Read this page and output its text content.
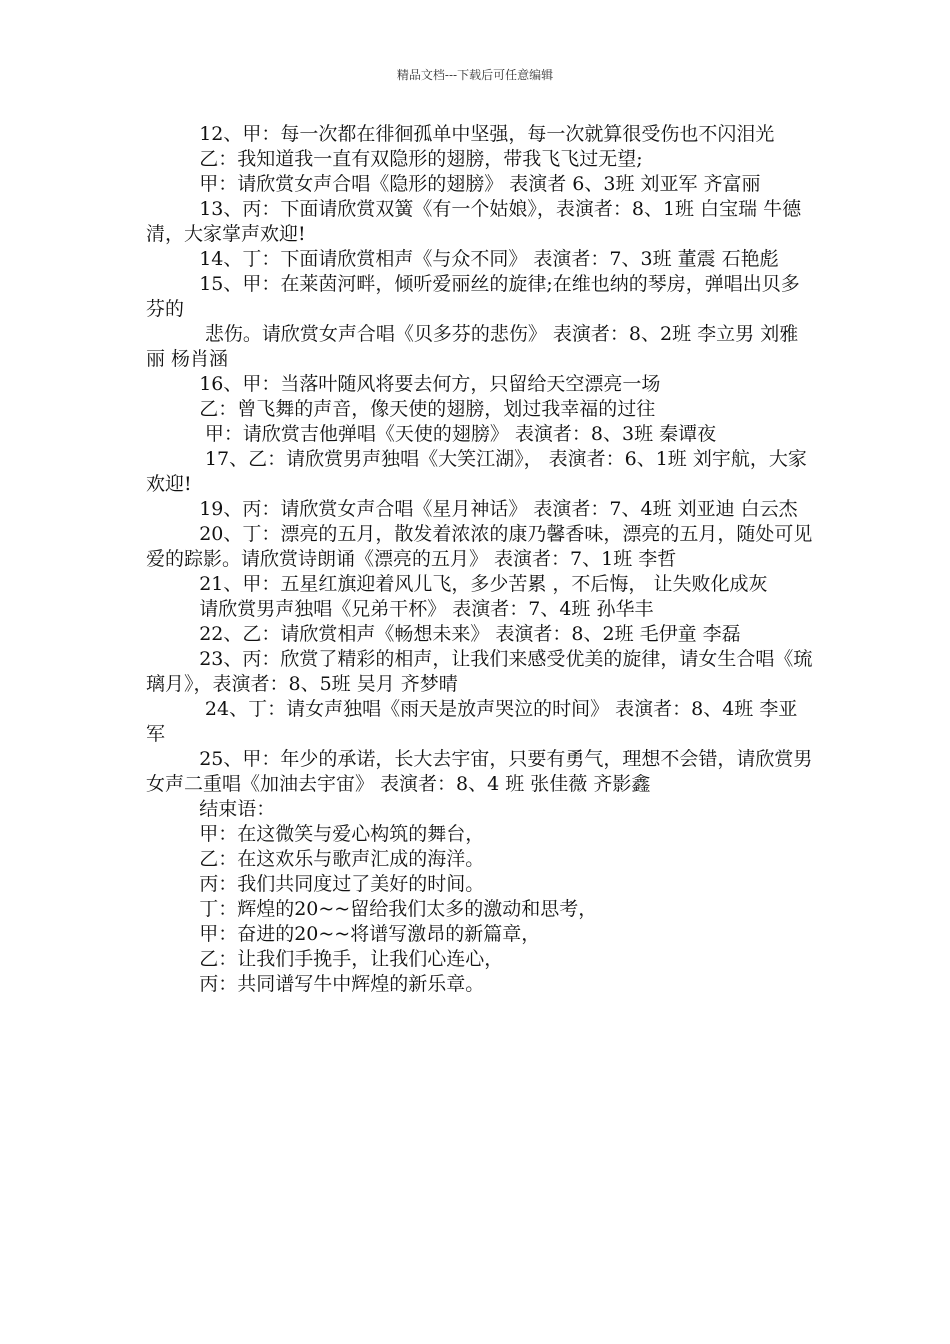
精品文档---下载后可任意编辑

12、甲：每一次都在徘徊孤单中坚强，每一次就算很受伤也不闪泪光

乙：我知道我一直有双隐形的翅膀，带我飞飞过无望;

甲：请欣赏女声合唱《隐形的翅膀》 表演者 6、3班 刘亚军 齐富丽

13、丙：下面请欣赏双簧《有一个姑娘》，表演者：8、1班 白宝瑞 牛德清，大家掌声欢迎!

14、丁：下面请欣赏相声《与众不同》 表演者：7、3班 董震 石艳彪

15、甲：在莱茵河畔，倾听爱丽丝的旋律;在维也纳的琴房，弹唱出贝多芬的

悲伤。请欣赏女声合唱《贝多芬的悲伤》 表演者：8、2班 李立男 刘雅丽 杨肖涵

16、甲：当落叶随风将要去何方，只留给天空漂亮一场

乙：曾飞舞的声音，像天使的翅膀，划过我幸福的过往

甲：请欣赏吉他弹唱《天使的翅膀》 表演者：8、3班 秦谭夜

17、乙：请欣赏男声独唱《大笑江湖》， 表演者：6、1班 刘宇航，大家欢迎!

19、丙：请欣赏女声合唱《星月神话》 表演者：7、4班 刘亚迪 白云杰

20、丁：漂亮的五月，散发着浓浓的康乃馨香味，漂亮的五月，随处可见爱的踪影。请欣赏诗朗诵《漂亮的五月》 表演者：7、1班 李哲

21、甲：五星红旗迎着风儿飞，多少苦累 ，不后悔， 让失败化成灰

请欣赏男声独唱《兄弟干杯》 表演者：7、4班 孙华丰

22、乙：请欣赏相声《畅想未来》 表演者：8、2班 毛伊童 李磊

23、丙：欣赏了精彩的相声，让我们来感受优美的旋律，请女生合唱《琉璃月》，表演者：8、5班 吴月 齐梦晴

24、丁：请女声独唱《雨天是放声哭泣的时间》 表演者：8、4班 李亚军

25、甲：年少的承诺，长大去宇宙，只要有勇气，理想不会错，请欣赏男女声二重唱《加油去宇宙》 表演者：8、4 班 张佳薇 齐影鑫

结束语：

甲：在这微笑与爱心构筑的舞台，

乙：在这欢乐与歌声汇成的海洋。

丙：我们共同度过了美好的时间。

丁：辉煌的20~~留给我们太多的激动和思考，

甲：奋进的20~~将谱写激昂的新篇章，

乙：让我们手挽手，让我们心连心，

丙：共同谱写牛中辉煌的新乐章。
